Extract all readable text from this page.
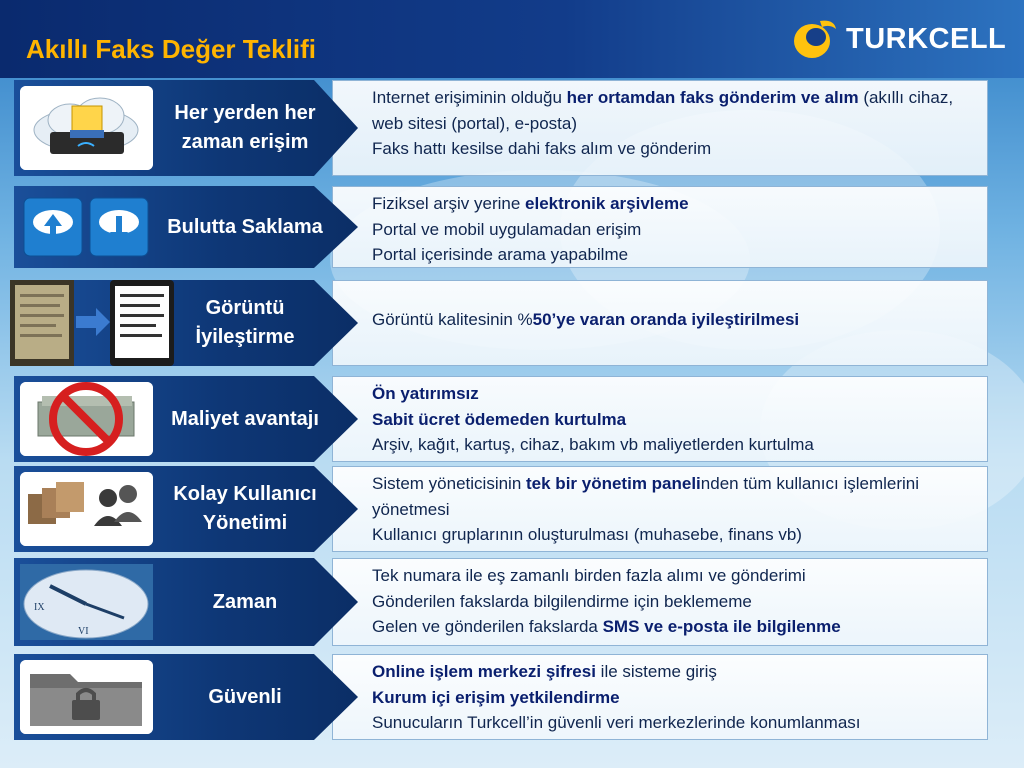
Akıllı Faks Değer Teklifi	TURKCELL
Her yerden her zaman erişim
Internet erişiminin olduğu her ortamdan faks gönderim ve alım (akıllı cihaz, web sitesi (portal), e-posta)
Faks hattı kesilse dahi faks alım ve gönderim
Bulutta Saklama
Fiziksel arşiv yerine elektronik arşivleme
Portal ve mobil uygulamadan erişim
Portal içerisinde arama yapabilme
Görüntü İyileştirme
Görüntü kalitesinin %50’ye varan oranda iyileştirilmesi
Maliyet avantajı
Ön yatırımsız
Sabit ücret ödemeden kurtulma
Arşiv, kağıt, kartuş, cihaz, bakım vb maliyetlerden kurtulma
Kolay Kullanıcı Yönetimi
Sistem yöneticisinin tek bir yönetim panelinden tüm kullanıcı işlemlerini yönetmesi
Kullanıcı gruplarının oluşturulması (muhasebe, finans vb)
IX
VI
Zaman
Tek numara ile eş zamanlı birden fazla alımı ve gönderimi
Gönderilen fakslarda bilgilendirme için beklememe
Gelen ve gönderilen fakslarda SMS ve e-posta ile bilgilenme
Güvenli
Online işlem merkezi şifresi ile sisteme giriş
Kurum içi erişim yetkilendirme
Sunucuların Turkcell’in güvenli veri merkezlerinde konumlanması
